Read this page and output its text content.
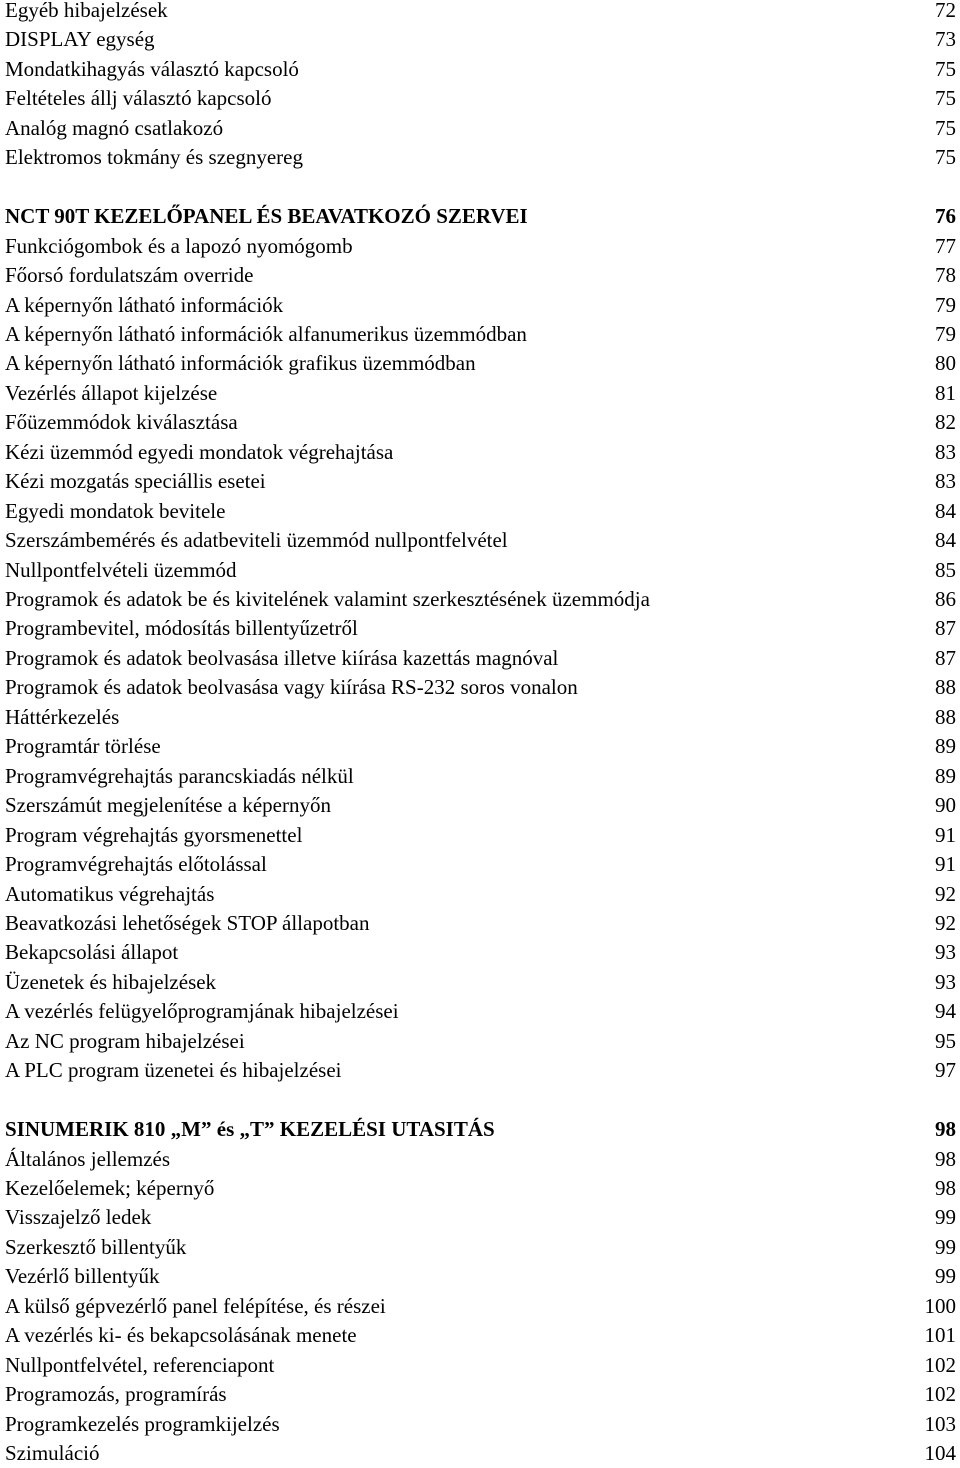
Egyéb hibajelzések	72
DISPLAY egység	73
Mondatkihagyás választó kapcsoló	75
Feltételes állj választó kapcsoló	75
Analóg magnó csatlakozó	75
Elektromos tokmány és szegnyereg	75
NCT 90T KEZELŐPANEL ÉS BEAVATKOZÓ SZERVEI	76
Funkciógombok és a lapozó nyomógomb	77
Főorsó fordulatszám override	78
A képernyőn látható információk	79
A képernyőn látható információk alfanumerikus üzemmódban	79
A képernyőn látható információk grafikus üzemmódban	80
Vezérlés állapot kijelzése	81
Főüzemmódok kiválasztása	82
Kézi üzemmód egyedi mondatok végrehajtása	83
Kézi mozgatás speciállis esetei	83
Egyedi mondatok bevitele	84
Szerszámbemérés és adatbeviteli üzemmód nullpontfelvétel	84
Nullpontfelvételi üzemmód	85
Programok és adatok be és kivitelének valamint szerkesztésének üzemmódja	86
Programbevitel, módosítás billentyűzetről	87
Programok és adatok beolvasása illetve kiírása kazettás magnóval	87
Programok és adatok beolvasása vagy kiírása RS-232 soros vonalon	88
Háttérkezelés	88
Programtár törlése	89
Programvégrehajtás parancskiadás nélkül	89
Szerszámút megjelenítése a képernyőn	90
Program végrehajtás gyorsmenettel	91
Programvégrehajtás előtolással	91
Automatikus végrehajtás	92
Beavatkozási lehetőségek STOP állapotban	92
Bekapcsolási állapot	93
Üzenetek és hibajelzések	93
A vezérlés felügyelőprogramjának hibajelzései	94
Az NC program hibajelzései	95
A PLC program üzenetei és hibajelzései	97
SINUMERIK 810 „M” és „T” KEZELÉSI UTASITÁS	98
Általános jellemzés	98
Kezelőelemek; képernyő	98
Visszajelző ledek	99
Szerkesztő billentyűk	99
Vezérlő billentyűk	99
A külső gépvezérlő panel felépítése, és részei	100
A vezérlés ki- és bekapcsolásának menete	101
Nullpontfelvétel, referenciapont	102
Programozás, programírás	102
Programkezelés programkijelzés	103
Szimuláció	104
